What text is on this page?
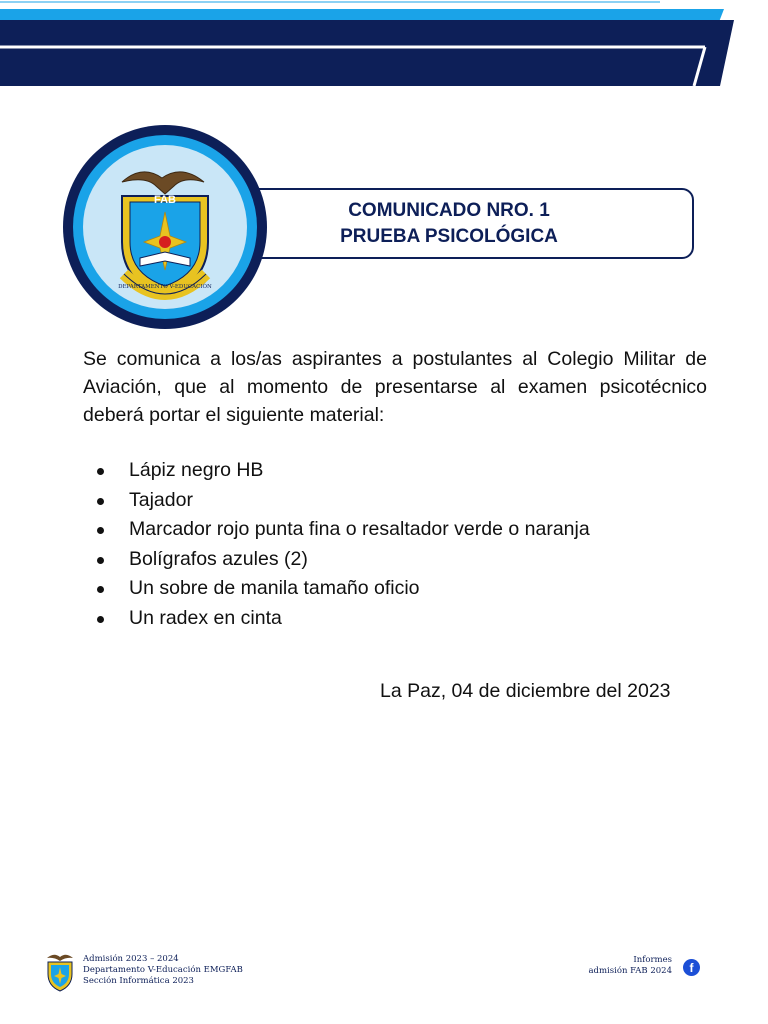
FAB
DEPARTAMENTO V-EDUCACIÓN
COMUNICADO NRO. 1
PRUEBA PSICOLÓGICA
Se comunica a los/as aspirantes a postulantes al Colegio Militar de Aviación, que al momento de presentarse al examen psicotécnico deberá portar el siguiente material:
Lápiz negro HB
Tajador
Marcador rojo punta fina o resaltador verde o naranja
Bolígrafos azules (2)
Un sobre de manila tamaño oficio
Un radex en cinta
La Paz, 04 de diciembre del 2023
Admisión 2023 – 2024
Departamento V-Educación EMGFAB
Sección Informática 2023
Informes
admisión FAB 2024	f
